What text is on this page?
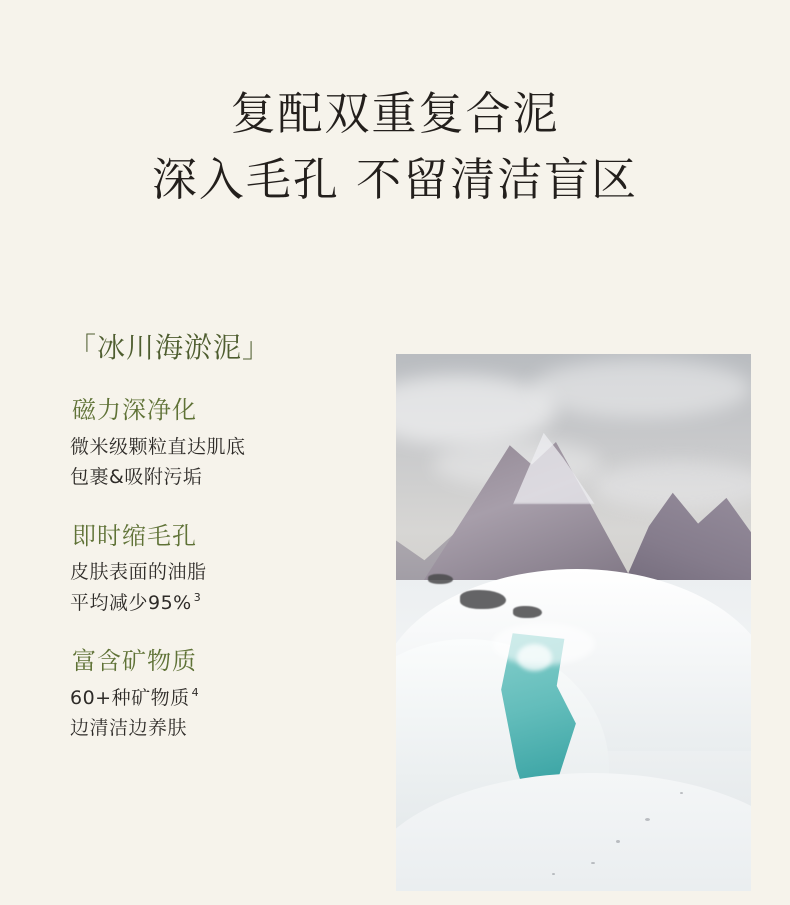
复配双重复合泥
深入毛孔 不留清洁盲区
「冰川海淤泥」
磁力深净化
微米级颗粒直达肌底
包裹&吸附污垢
即时缩毛孔
皮肤表面的油脂
平均减少95% $^3$
富含矿物质
60+种矿物质 $^4$
边清洁边养肤
